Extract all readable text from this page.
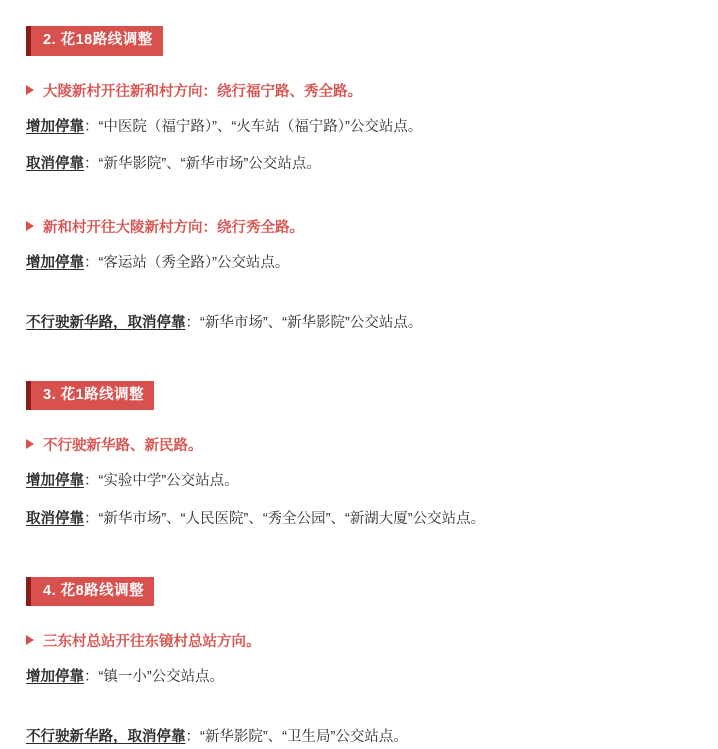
2. 花18路线调整
大陵新村开往新和村方向：绕行福宁路、秀全路。
增加停靠：“中医院（福宁路）”、“火车站（福宁路）”公交站点。
取消停靠：“新华影院”、“新华市场”公交站点。
新和村开往大陵新村方向：绕行秀全路。
增加停靠：“客运站（秀全路）”公交站点。
不行驶新华路，取消停靠：“新华市场”、“新华影院”公交站点。
3. 花1路线调整
不行驶新华路、新民路。
增加停靠：“实验中学”公交站点。
取消停靠：“新华市场”、“人民医院”、“秀全公园”、“新湖大厦”公交站点。
4. 花8路线调整
三东村总站开往东镜村总站方向。
增加停靠：“镇一小”公交站点。
不行驶新华路，取消停靠：“新华影院”、“卫生局”公交站点。
